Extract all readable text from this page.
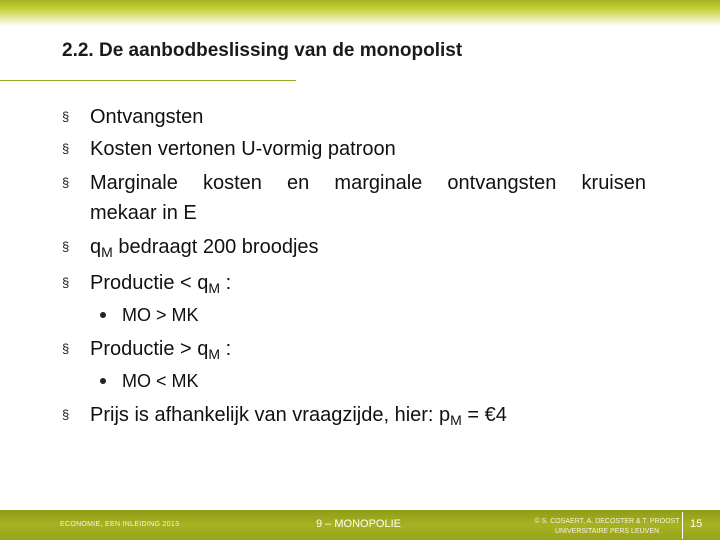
2.2. De aanbodbeslissing van de monopolist
§	Ontvangsten
§	Kosten vertonen U-vormig patroon
§	Marginale kosten en marginale ontvangsten kruisen
mekaar in E
§	$q_M$ bedraagt 200 broodjes
§	Productie < $q_M$ :
MO > MK
§	Productie > $q_M$ :
MO < MK
§	Prijs is afhankelijk van vraagzijde, hier: $p_M$ = €4
ECONOMIE, EEN INLEIDING 2013	9 – MONOPOLIE	© S. COSAERT, A. DECOSTER & T. PROOST
UNIVERSITAIRE PERS LEUVEN
15
